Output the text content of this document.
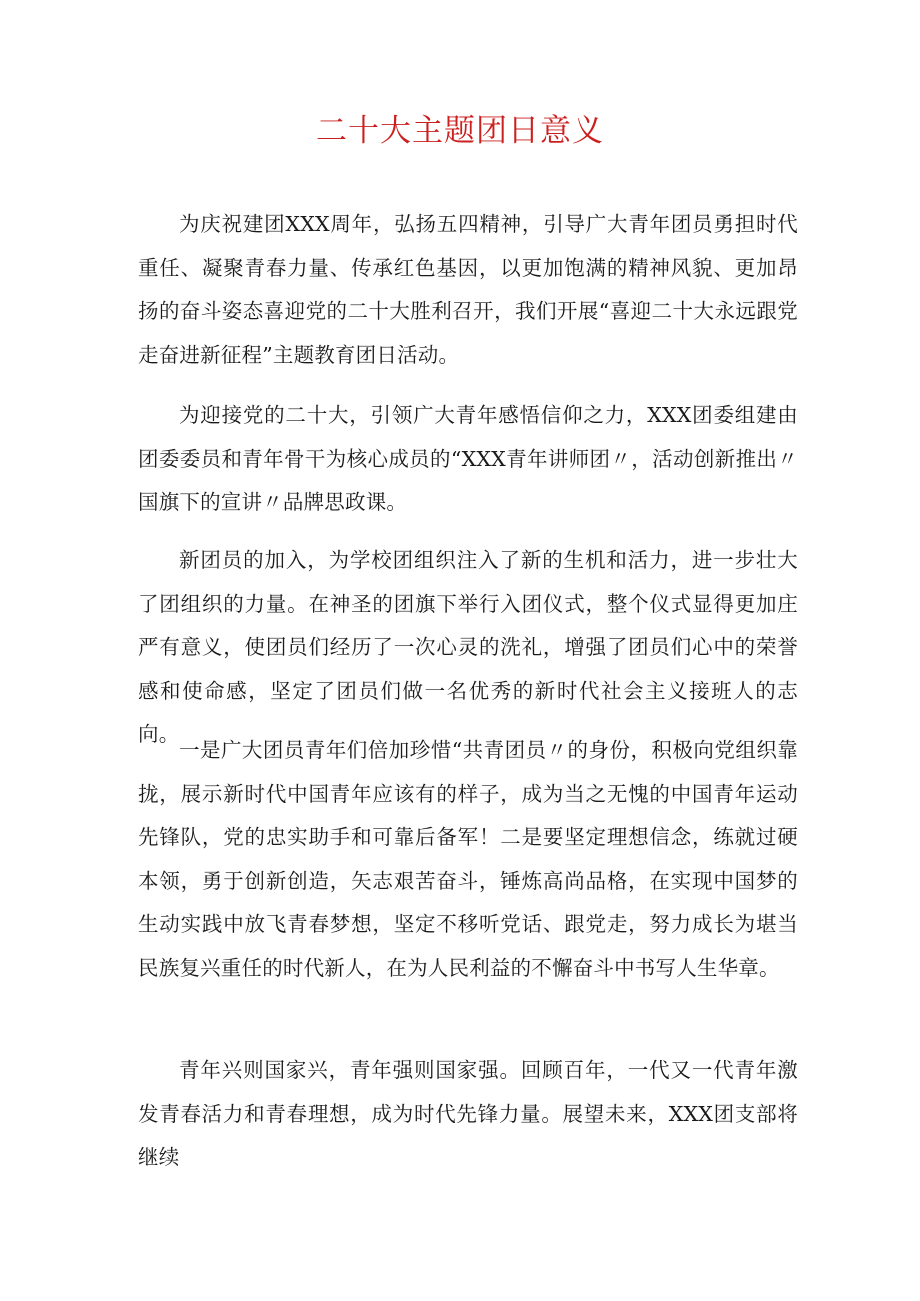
二十大主题团日意义

为庆祝建团XXX周年，弘扬五四精神，引导广大青年团员勇担时代重任、凝聚青春力量、传承红色基因，以更加饱满的精神风貌、更加昂扬的奋斗姿态喜迎党的二十大胜利召开，我们开展“喜迎二十大永远跟党走奋进新征程”主题教育团日活动。

为迎接党的二十大，引领广大青年感悟信仰之力，XXX团委组建由团委委员和青年骨干为核心成员的“XXX青年讲师团〃，活动创新推出〃国旗下的宣讲〃品牌思政课。

新团员的加入，为学校团组织注入了新的生机和活力，进一步壮大了团组织的力量。在神圣的团旗下举行入团仪式，整个仪式显得更加庄严有意义，使团员们经历了一次心灵的洗礼，增强了团员们心中的荣誉感和使命感，坚定了团员们做一名优秀的新时代社会主义接班人的志向。

一是广大团员青年们倍加珍惜“共青团员〃的身份，积极向党组织靠拢，展示新时代中国青年应该有的样子，成为当之无愧的中国青年运动先锋队，党的忠实助手和可靠后备军！二是要坚定理想信念，练就过硬本领，勇于创新创造，矢志艰苦奋斗，锤炼高尚品格，在实现中国梦的生动实践中放飞青春梦想，坚定不移听党话、跟党走，努力成长为堪当民族复兴重任的时代新人，在为人民利益的不懈奋斗中书写人生华章。

青年兴则国家兴，青年强则国家强。回顾百年，一代又一代青年激发青春活力和青春理想，成为时代先锋力量。展望未来，XXX团支部将继续
